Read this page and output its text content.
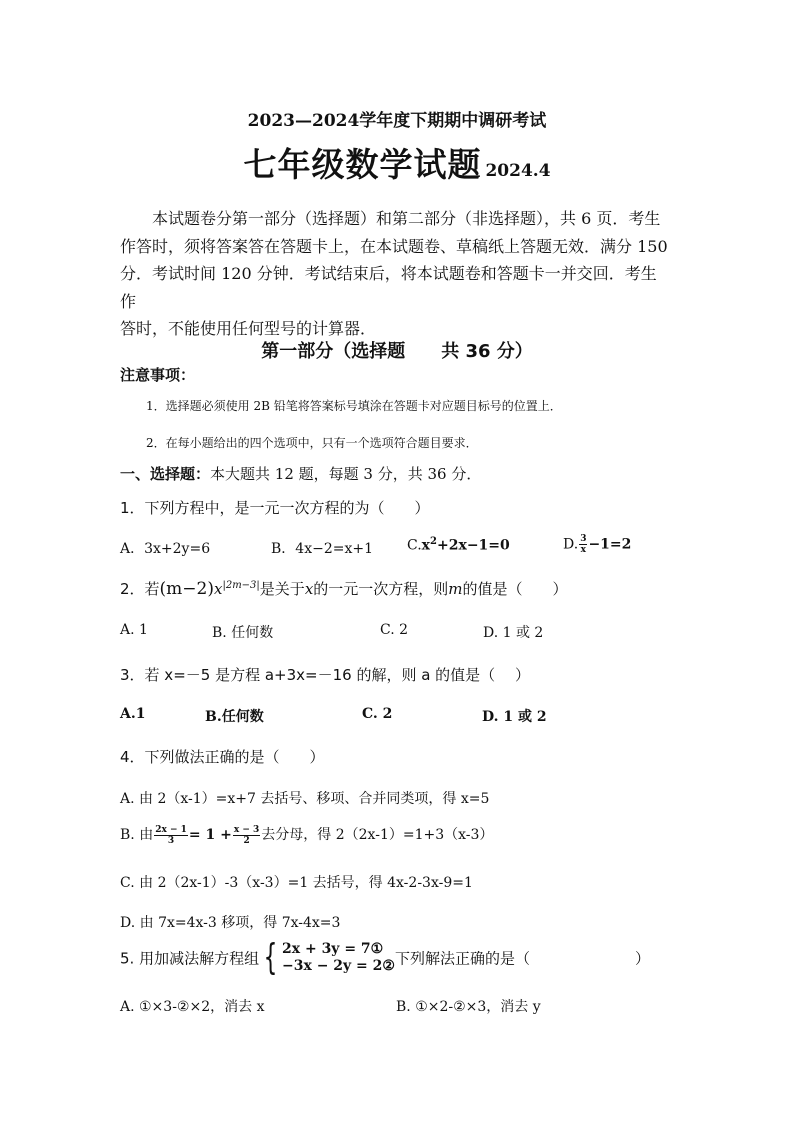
2023—2024学年度下期期中调研考试
七年级数学试题 2024.4

本试题卷分第一部分（选择题）和第二部分（非选择题），共 6 页．考生

作答时，须将答案答在答题卡上，在本试题卷、草稿纸上答题无效．满分 150

分．考试时间 120 分钟．考试结束后，将本试题卷和答题卡一并交回．考生作

答时，不能使用任何型号的计算器．

第一部分（选择题　　共 36 分）
注意事项：
1．选择题必须使用 2B 铅笔将答案标号填涂在答题卡对应题目标号的位置上．
2．在每小题给出的四个选项中，只有一个选项符合题目要求．
一、选择题：本大题共 12 题，每题 3 分，共 36 分．
1．下列方程中，是一元一次方程的为（　　）
A．3x+2y=6	B．4x−2=x+1 $C.x^2+2x-1=0$	D. $\frac{3}{x} -1=2$
2．若$(m-2)x^{|2m-3|}$是关于x的一元一次方程，则m的值是（　　）
A. 1	B. 任何数	C. 2	D. 1 或 2
3．若 x=－5 是方程 a+3x=－16 的解，则 a 的值是（　 ）
A.1	B.任何数	C. 2	D. 1 或 2
4．下列做法正确的是（　　）
A. 由 2（x-1）=x+7 去括号、移项、合并同类项，得 x=5
B. 由 $\frac{2x - 1}{3} = 1 + \frac{x - 3}{2}$ 去分母，得 2（2x-1）=1+3（x-3）
C. 由 2（2x-1）-3（x-3）=1 去括号，得 4x-2-3x-9=1
D. 由 7x=4x-3 移项，得 7x-4x=3
5. 用加减法解方程组 { 2x + 3y = 7①
−3x − 2y = 2② 下列解法正确的是（　　　　　　　）
A. ①×3-②×2，消去 x	B. ①×2-②×3，消去 y
